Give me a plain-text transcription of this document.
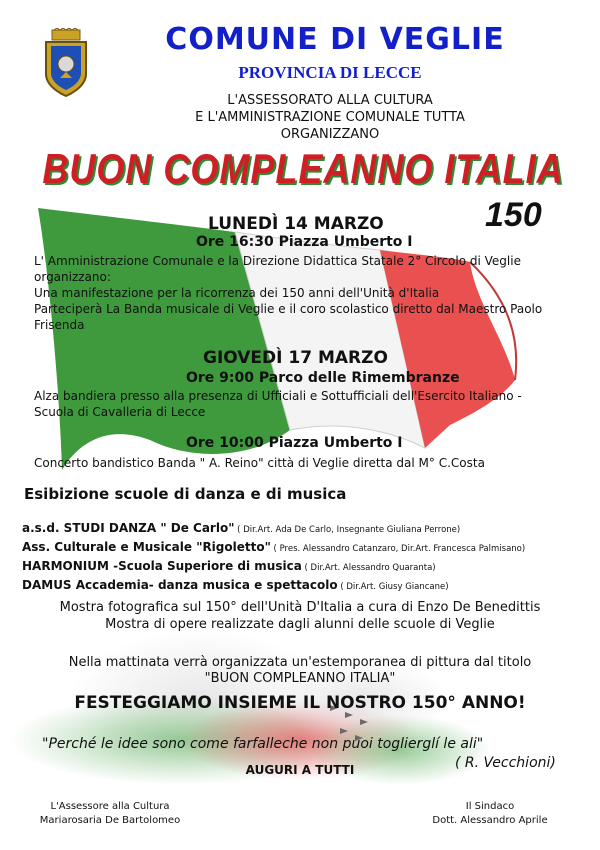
COMUNE DI VEGLIE
PROVINCIA DI LECCE
L'ASSESSORATO ALLA CULTURA
E L'AMMINISTRAZIONE COMUNALE TUTTA
ORGANIZZANO
BUON COMPLEANNO ITALIA
150
LUNEDÌ 14 MARZO
Ore 16:30 Piazza Umberto I
L' Amministrazione Comunale e la Direzione Didattica Statale 2° Circolo di Veglie
organizzano:
Una manifestazione per la ricorrenza dei 150 anni dell'Unità d'Italia
Parteciperà La Banda musicale di Veglie e il coro scolastico diretto dal Maestro Paolo
Frisenda
GIOVEDÌ 17 MARZO
Ore 9:00 Parco delle Rimembranze
Alza bandiera presso alla presenza di Ufficiali e Sottufficiali dell'Esercito Italiano -
Scuola di Cavalleria di Lecce
Ore 10:00 Piazza Umberto I
Concerto bandistico Banda " A. Reino" città di Veglie diretta dal M° C.Costa
Esibizione scuole di danza e di musica
a.s.d. STUDI DANZA " De Carlo" ( Dir.Art. Ada De Carlo, Insegnante Giuliana Perrone)
Ass. Culturale e Musicale "Rigoletto" ( Pres. Alessandro Catanzaro, Dir.Art. Francesca Palmisano)
HARMONIUM -Scuola Superiore di musica ( Dir.Art. Alessandro Quaranta)
DAMUS Accademia- danza musica e spettacolo ( Dir.Art. Giusy Giancane)
Mostra fotografica sul 150° dell'Unità D'Italia a cura di Enzo De Benedittis
Mostra di opere realizzate dagli alunni delle scuole di Veglie
Nella mattinata verrà organizzata un'estemporanea di pittura dal titolo
"BUON COMPLEANNO ITALIA"
FESTEGGIAMO INSIEME IL NOSTRO 150° ANNO!
"Perché le idee sono come farfalleche non puoi toglierglí le ali"
( R. Vecchioni)
AUGURI A TUTTI
L'Assessore alla Cultura
Mariarosaria De Bartolomeo
Il Sindaco
Dott. Alessandro Aprile
